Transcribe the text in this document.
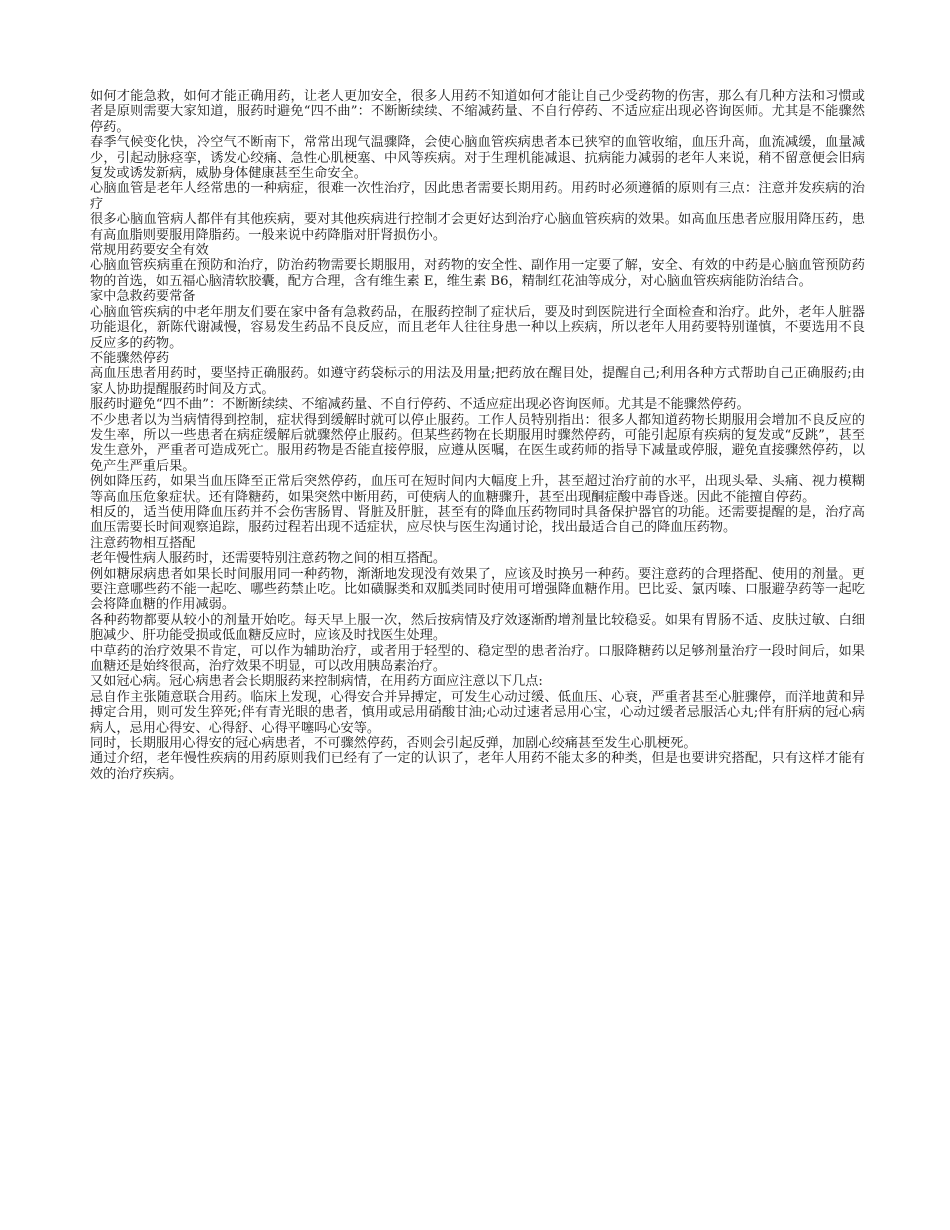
如何才能急救，如何才能正确用药，让老人更加安全，很多人用药不知道如何才能让自己少受药物的伤害，那么有几种方法和习惯或者是原则需要大家知道，服药时避免“四不曲”：不断断续续、不缩减药量、不自行停药、不适应症出现必咨询医师。尤其是不能骤然停药。

春季气候变化快，冷空气不断南下，常常出现气温骤降，会使心脑血管疾病患者本已狭窄的血管收缩，血压升高，血流减缓，血量减少，引起动脉痉挛，诱发心绞痛、急性心肌梗塞、中风等疾病。对于生理机能减退、抗病能力减弱的老年人来说，稍不留意便会旧病复发或诱发新病，威胁身体健康甚至生命安全。

心脑血管是老年人经常患的一种病症，很难一次性治疗，因此患者需要长期用药。用药时必须遵循的原则有三点：注意并发疾病的治疗

很多心脑血管病人都伴有其他疾病，要对其他疾病进行控制才会更好达到治疗心脑血管疾病的效果。如高血压患者应服用降压药，患有高血脂则要服用降脂药。一般来说中药降脂对肝肾损伤小。

常规用药要安全有效

心脑血管疾病重在预防和治疗，防治药物需要长期服用，对药物的安全性、副作用一定要了解，安全、有效的中药是心脑血管预防药物的首选，如五福心脑清软胶囊，配方合理，含有维生素 E，维生素 B6，精制红花油等成分，对心脑血管疾病能防治结合。

家中急救药要常备

心脑血管疾病的中老年朋友们要在家中备有急救药品，在服药控制了症状后，要及时到医院进行全面检查和治疗。此外，老年人脏器功能退化，新陈代谢减慢，容易发生药品不良反应，而且老年人往往身患一种以上疾病，所以老年人用药要特别谨慎，不要选用不良反应多的药物。

不能骤然停药

高血压患者用药时，要坚持正确服药。如遵守药袋标示的用法及用量;把药放在醒目处，提醒自己;利用各种方式帮助自己正确服药;由家人协助提醒服药时间及方式。

服药时避免“四不曲”：不断断续续、不缩减药量、不自行停药、不适应症出现必咨询医师。尤其是不能骤然停药。

不少患者以为当病情得到控制，症状得到缓解时就可以停止服药。工作人员特别指出：很多人都知道药物长期服用会增加不良反应的发生率，所以一些患者在病症缓解后就骤然停止服药。但某些药物在长期服用时骤然停药，可能引起原有疾病的复发或“反跳”，甚至发生意外，严重者可造成死亡。服用药物是否能直接停服，应遵从医嘱，在医生或药师的指导下减量或停服，避免直接骤然停药，以免产生严重后果。

例如降压药，如果当血压降至正常后突然停药，血压可在短时间内大幅度上升，甚至超过治疗前的水平，出现头晕、头痛、视力模糊等高血压危象症状。还有降糖药，如果突然中断用药，可使病人的血糖骤升，甚至出现酮症酸中毒昏迷。因此不能擅自停药。

相反的，适当使用降血压药并不会伤害肠胃、肾脏及肝脏，甚至有的降血压药物同时具备保护器官的功能。还需要提醒的是，治疗高血压需要长时间观察追踪，服药过程若出现不适症状，应尽快与医生沟通讨论，找出最适合自己的降血压药物。

注意药物相互搭配

老年慢性病人服药时，还需要特别注意药物之间的相互搭配。

例如糖尿病患者如果长时间服用同一种药物，渐渐地发现没有效果了，应该及时换另一种药。要注意药的合理搭配、使用的剂量。更要注意哪些药不能一起吃、哪些药禁止吃。比如磺脲类和双胍类同时使用可增强降血糖作用。巴比妥、氯丙嗪、口服避孕药等一起吃会将降血糖的作用减弱。

各种药物都要从较小的剂量开始吃。每天早上服一次，然后按病情及疗效逐渐酌增剂量比较稳妥。如果有胃肠不适、皮肤过敏、白细胞减少、肝功能受损或低血糖反应时，应该及时找医生处理。

中草药的治疗效果不肯定，可以作为辅助治疗，或者用于轻型的、稳定型的患者治疗。口服降糖药以足够剂量治疗一段时间后，如果血糖还是始终很高，治疗效果不明显，可以改用胰岛素治疗。

又如冠心病。冠心病患者会长期服药来控制病情，在用药方面应注意以下几点:

忌自作主张随意联合用药。临床上发现，心得安合并异搏定，可发生心动过缓、低血压、心衰，严重者甚至心脏骤停，而洋地黄和异搏定合用，则可发生猝死;伴有青光眼的患者，慎用或忌用硝酸甘油;心动过速者忌用心宝，心动过缓者忌服活心丸;伴有肝病的冠心病病人，忌用心得安、心得舒、心得平噻吗心安等。

同时，长期服用心得安的冠心病患者，不可骤然停药，否则会引起反弹，加剧心绞痛甚至发生心肌梗死。

通过介绍，老年慢性疾病的用药原则我们已经有了一定的认识了，老年人用药不能太多的种类，但是也要讲究搭配，只有这样才能有效的治疗疾病。
